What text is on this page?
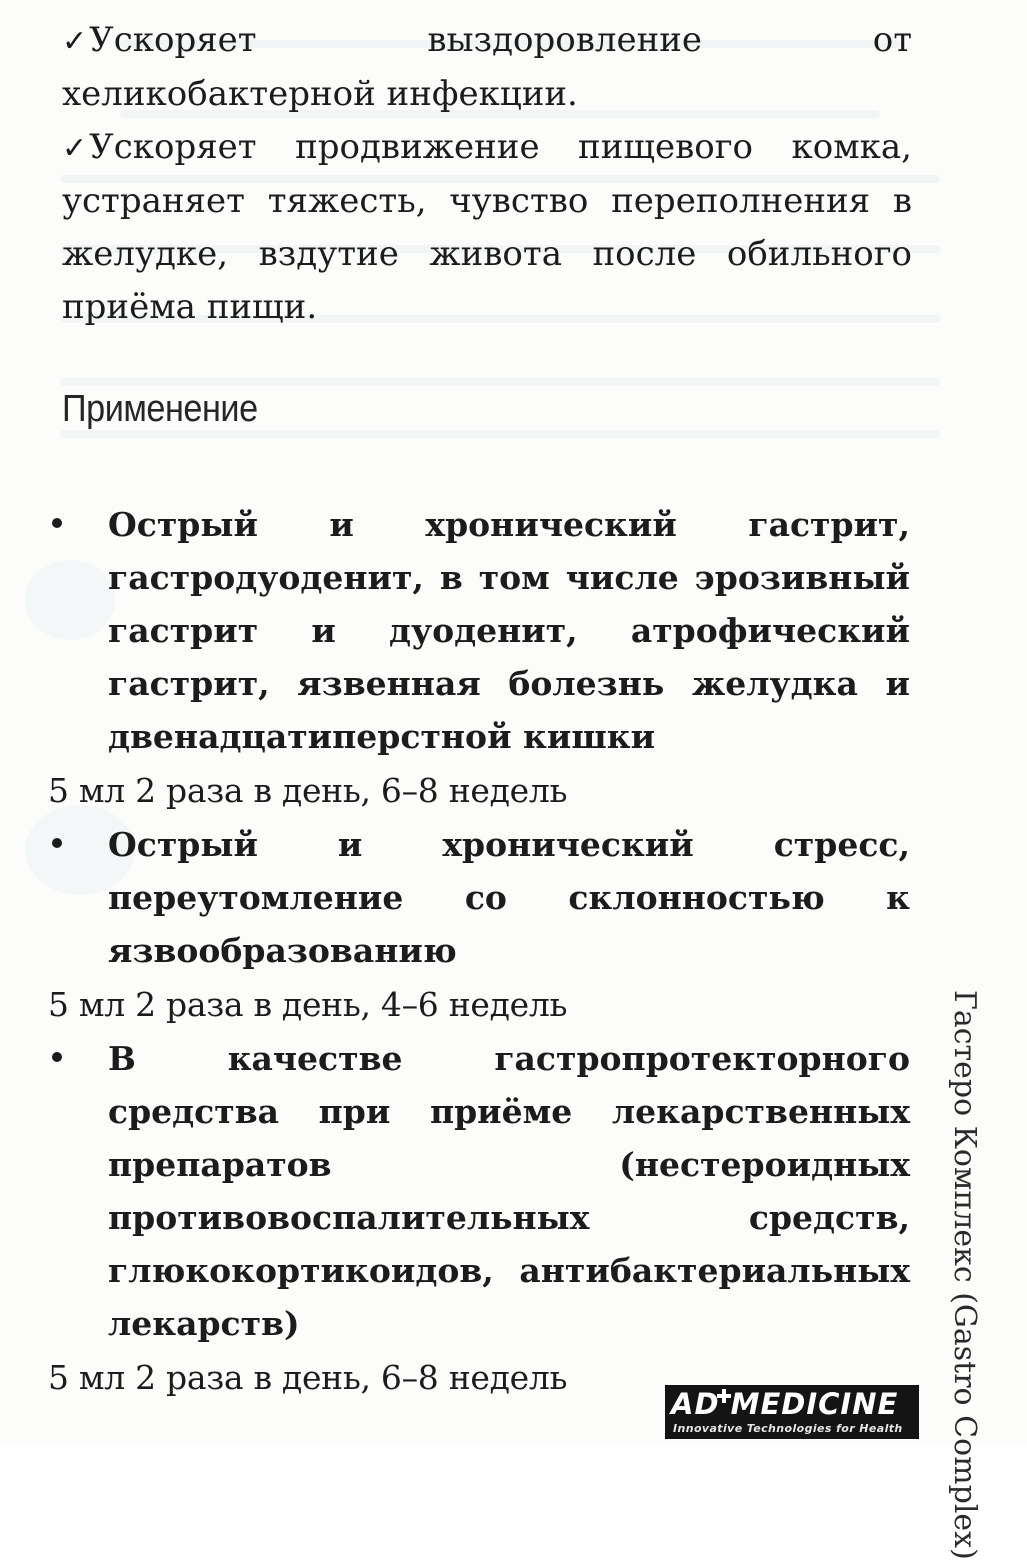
✓Ускоряет выздоровление от хеликобактерной инфекции.

✓Ускоряет продвижение пищевого комка, устраняет тяжесть, чувство переполнения в желудке, вздутие живота после обильного приёма пищи.

Применение

Острый и хронический гастрит, гастродуоденит, в том числе эрозивный гастрит и дуоденит, атрофический гастрит, язвенная болезнь желудка и двенадцатиперстной кишки

5 мл 2 раза в день, 6–8 недель

Острый и хронический стресс, переутомление со склонностью к язвообразованию

5 мл 2 раза в день, 4–6 недель

В качестве гастропротекторного средства при приёме лекарственных препаратов (нестероидных противовоспалительных средств, глюкокортикоидов, антибактериальных лекарств)

5 мл 2 раза в день, 6–8 недель	Гастеро Комплекс (Gastro Complex)
AD MEDICINE
Innovative Technologies for Health
